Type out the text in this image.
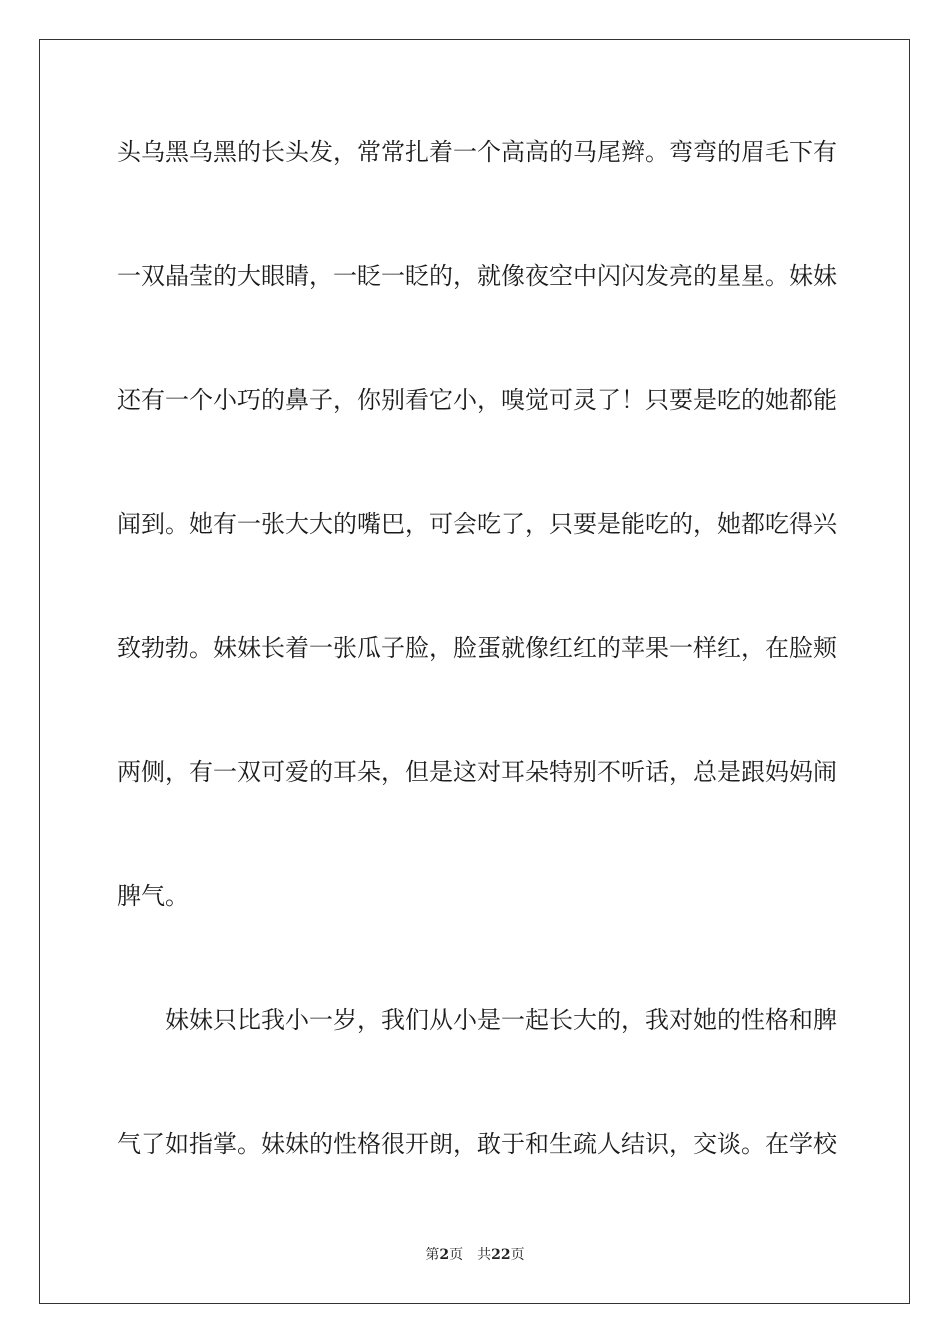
头乌黑乌黑的长头发，常常扎着一个高高的马尾辫。弯弯的眉毛下有
一双晶莹的大眼睛，一眨一眨的，就像夜空中闪闪发亮的星星。妹妹
还有一个小巧的鼻子，你别看它小，嗅觉可灵了！只要是吃的她都能
闻到。她有一张大大的嘴巴，可会吃了，只要是能吃的，她都吃得兴
致勃勃。妹妹长着一张瓜子脸，脸蛋就像红红的苹果一样红，在脸颊
两侧，有一双可爱的耳朵，但是这对耳朵特别不听话，总是跟妈妈闹
脾气。
　　妹妹只比我小一岁，我们从小是一起长大的，我对她的性格和脾
气了如指掌。妹妹的性格很开朗，敢于和生疏人结识，交谈。在学校
第2页 共22页
